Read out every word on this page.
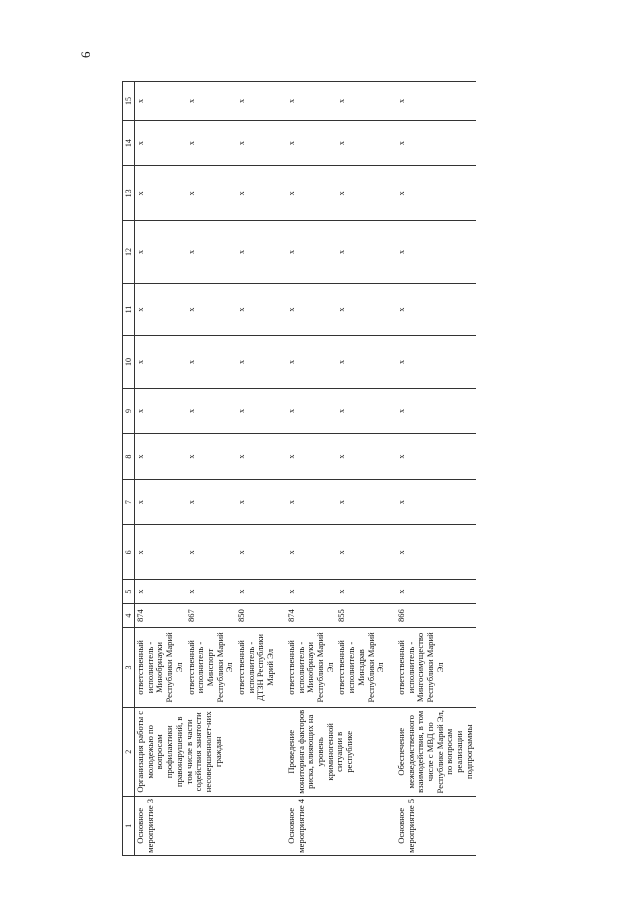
6
1	2	3	4	5	6	7	8	9	10	11	12	13	14	15
Основное мероприятие 3	Организация работы с молодежью по вопросам профилактики правонарушений, в том числе в части содействия занятости несовершеннолет-них граждан	ответственный исполнитель - Минобрнауки Республики Марий Эл	874	x	x	x	x	x	x	x	x	x	x	x
		ответственный исполнитель - Минспорт Республики Марий Эл	867	x	x	x	x	x	x	x	x	x	x	x
		ответственный исполнитель - ДТЗН Республики Марий Эл	850	x	x	x	x	x	x	x	x	x	x	x

Основное мероприятие 4	Проведение мониторинга факторов риска, влияющих на уровень криминогенной ситуации в республике	ответственный исполнитель - Минобрнауки Республики Марий Эл	874	x	x	x	x	x	x	x	x	x	x	x
		ответственный исполнитель - Минздрав Республики Марий Эл	855	x	x	x	x	x	x	x	x	x	x	x

Основное мероприятие 5	Обеспечение межведомственного взаимодействия, в том числе с МВД по Республике Марий Эл, по вопросам реализации подпрограммы	ответственный исполнитель - Мингосимущество Республики Марий Эл	866	x	x	x	x	x	x	x	x	x	x	x
